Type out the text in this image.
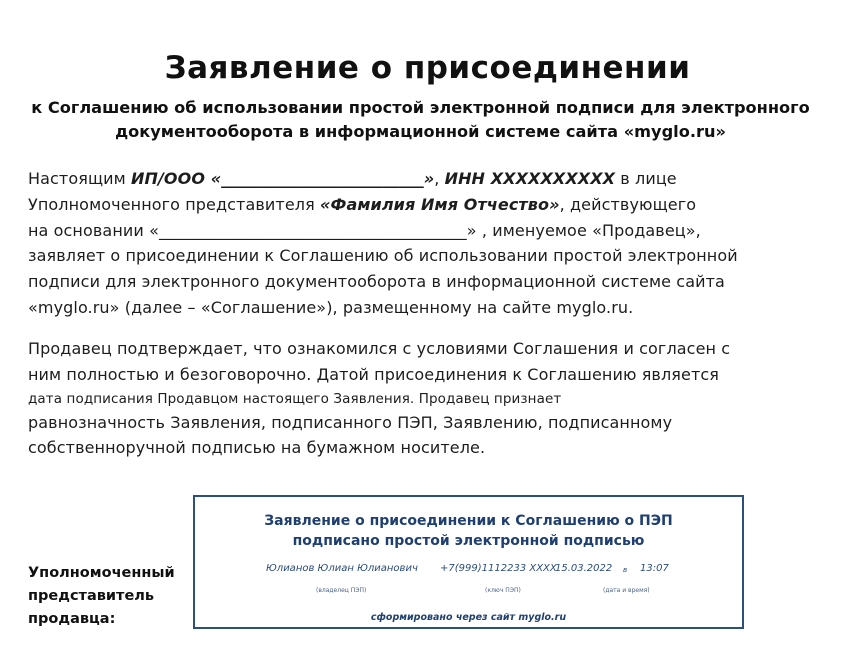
Заявление о присоединении
к Соглашению об использовании простой электронной подписи для электронного
документооборота в информационной системе сайта «myglo.ru»
Настоящим ИП/ООО «_________________________», ИНН XXXXXXXXXX в лице
Уполномоченного представителя «Фамилия Имя Отчество», действующего
на основании «______________________________________» , именуемое «Продавец»,
заявляет о присоединении к Соглашению об использовании простой электронной
подписи для электронного документооборота в информационной системе сайта
«myglo.ru» (далее – «Соглашение»), размещенному на сайте myglo.ru.
Продавец подтверждает, что ознакомился с условиями Соглашения и согласен с
ним полностью и безоговорочно. Датой присоединения к Соглашению является
дата подписания Продавцом настоящего Заявления. Продавец признает
равнозначность Заявления, подписанного ПЭП, Заявлению, подписанному
собственноручной подписью на бумажном носителе.
Уполномоченный
представитель
продавца:
Заявление о присоединении к Соглашению о ПЭП
подписано простой электронной подписью
Юлианов Юлиан Юлианович +7(999)1112233 XXXX
15.03.2022 в 13:07
(владелец ПЭП)	(ключ ПЭП)	(дата и время)
сформировано через сайт myglo.ru
